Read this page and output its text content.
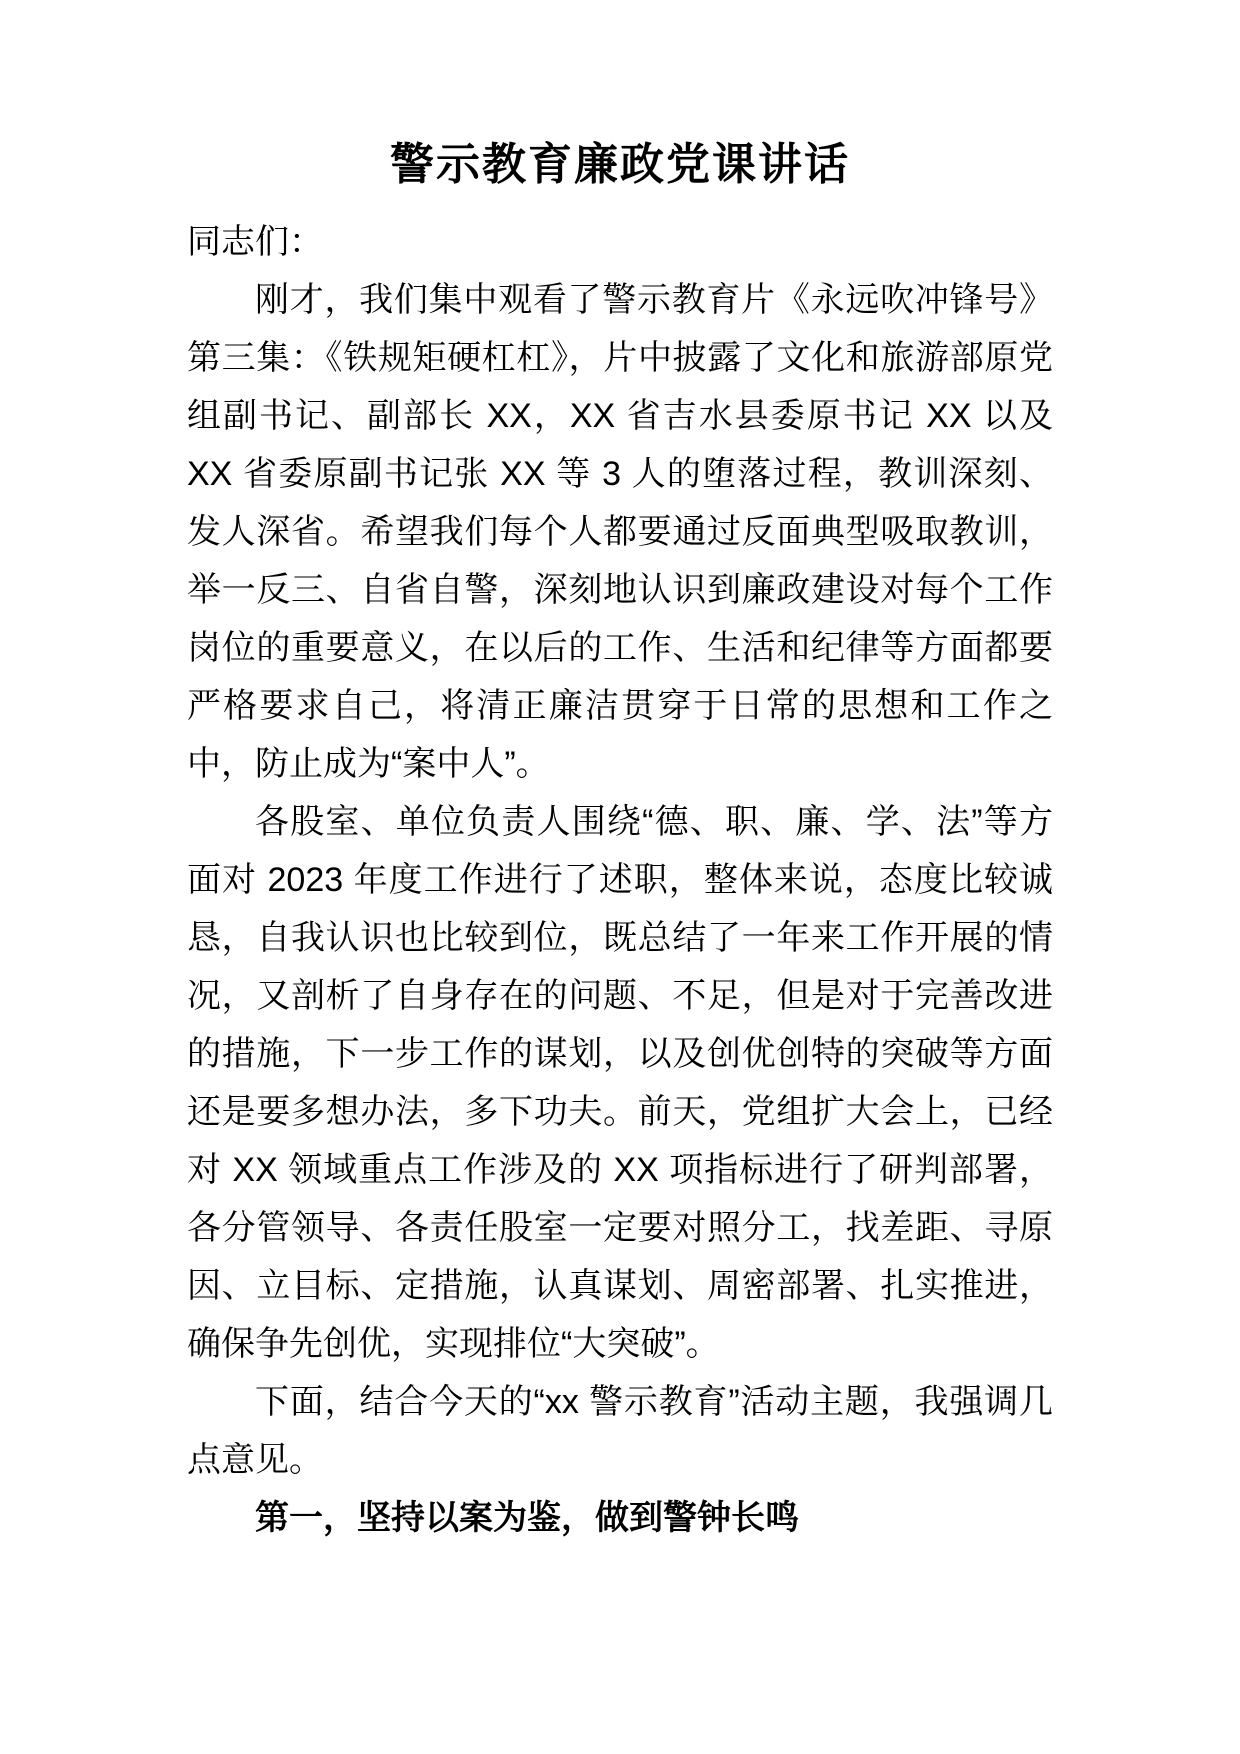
警示教育廉政党课讲话

同志们：

刚才，我们集中观看了警示教育片《永远吹冲锋号》第三集：《铁规矩硬杠杠》，片中披露了文化和旅游部原党组副书记、副部长 XX，XX 省吉水县委原书记 XX 以及 XX 省委原副书记张 XX 等 3 人的堕落过程，教训深刻、发人深省。希望我们每个人都要通过反面典型吸取教训，举一反三、自省自警，深刻地认识到廉政建设对每个工作岗位的重要意义，在以后的工作、生活和纪律等方面都要严格要求自己，将清正廉洁贯穿于日常的思想和工作之中，防止成为“案中人”。

各股室、单位负责人围绕“德、职、廉、学、法”等方面对 2023 年度工作进行了述职，整体来说，态度比较诚恳，自我认识也比较到位，既总结了一年来工作开展的情况，又剖析了自身存在的问题、不足，但是对于完善改进的措施，下一步工作的谋划，以及创优创特的突破等方面还是要多想办法，多下功夫。前天，党组扩大会上，已经对 XX 领域重点工作涉及的 XX 项指标进行了研判部署，各分管领导、各责任股室一定要对照分工，找差距、寻原因、立目标、定措施，认真谋划、周密部署、扎实推进，确保争先创优，实现排位“大突破”。

下面，结合今天的“xx 警示教育”活动主题，我强调几点意见。

第一，坚持以案为鉴，做到警钟长鸣
